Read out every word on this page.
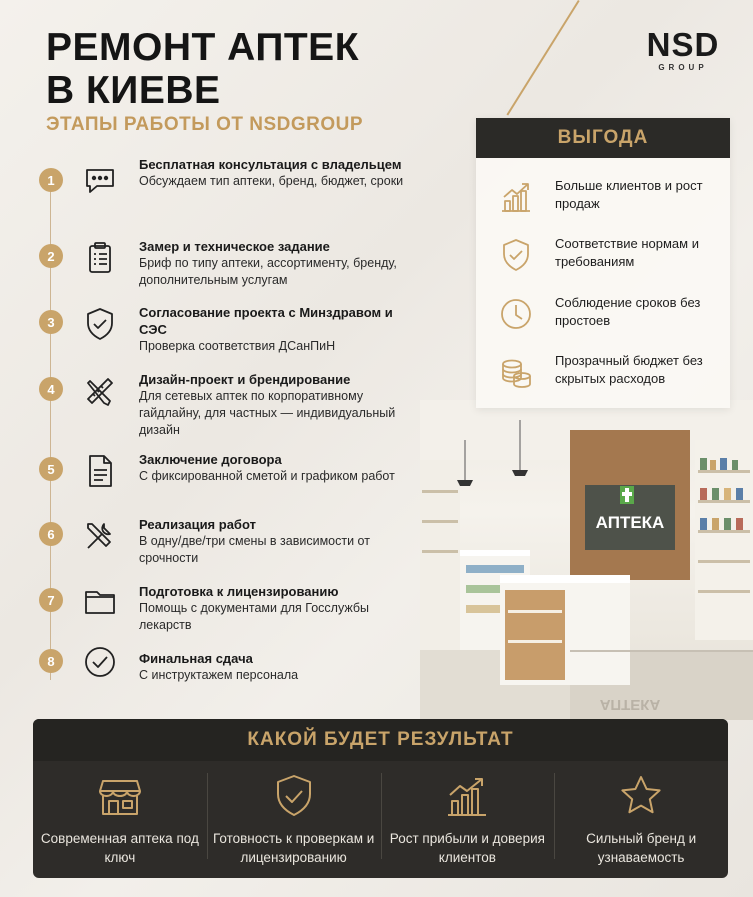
NSD
GROUP
РЕМОНТ АПТЕК
В КИЕВЕ
ЭТАПЫ РАБОТЫ ОТ NSDGROUP
1
Бесплатная консультация с владельцем
Обсуждаем тип аптеки, бренд, бюджет, сроки
2
Замер и техническое задание
Бриф по типу аптеки, ассортименту, бренду, дополнительным услугам
3
Согласование проекта с Минздравом и СЭС
Проверка соответствия ДСанПиН
4
Дизайн-проект и брендирование
Для сетевых аптек по корпоративному гайдлайну, для частных — индивидуальный дизайн
5
Заключение договора
С фиксированной сметой и графиком работ
6
Реализация работ
В одну/две/три смены в зависимости от срочности
7
Подготовка к лицензированию
Помощь с документами для Госслужбы лекарств
8	Финальная сдача
С инструктажем персонала
АПТЕКА
АПТЕКА
ВЫГОДА
Больше клиентов и рост продаж
Соответствие нормам и требованиям
Соблюдение сроков без простоев
Прозрачный бюджет без скрытых расходов
КАКОЙ БУДЕТ РЕЗУЛЬТАТ
Современная аптека под ключ
Готовность к проверкам и лицензированию
Рост прибыли и доверия клиентов
Сильный бренд и узнаваемость
